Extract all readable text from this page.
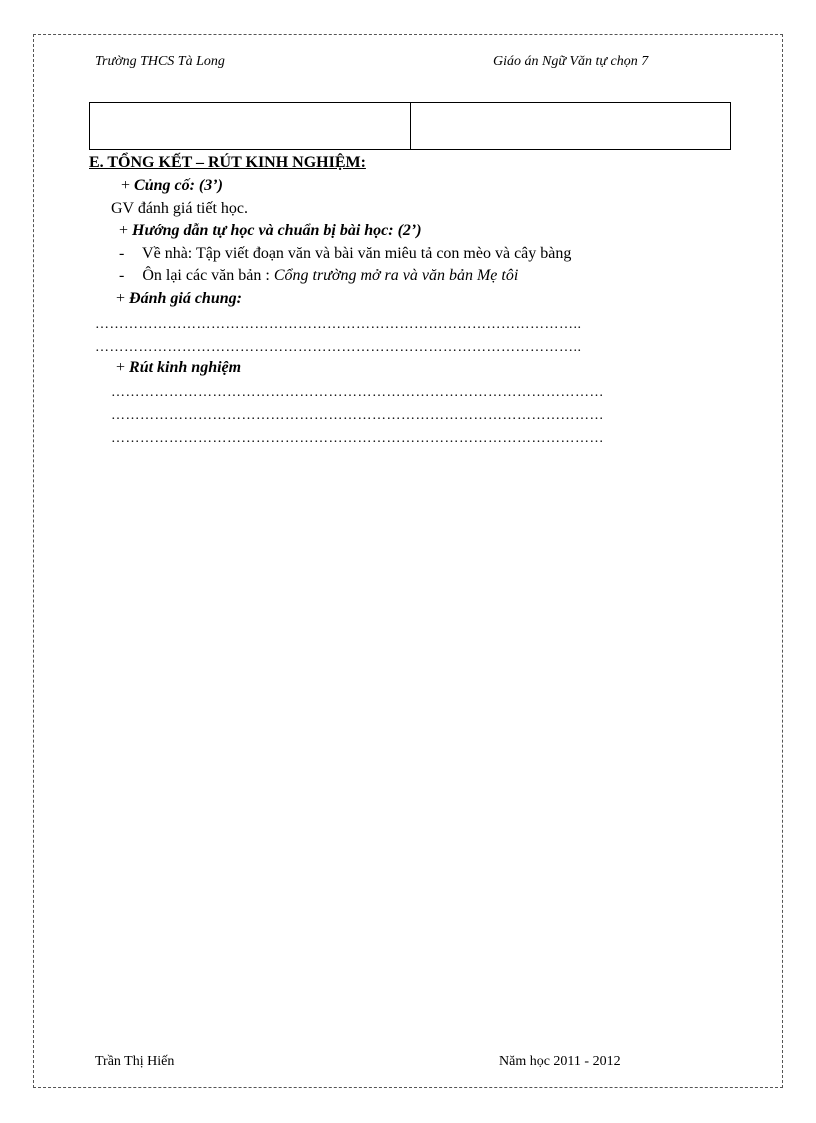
Trường THCS Tà Long	Giáo án Ngữ Văn tự chọn 7

E. TỔNG KẾT – RÚT KINH NGHIỆM:
+ Củng cố: (3’)
GV đánh giá tiết học.
+ Hướng dẫn tự học và chuẩn bị bài học: (2’)
- Về nhà: Tập viết đoạn văn và bài văn miêu tả con mèo và cây bàng
- Ôn lại các văn bản : Cổng trường mở ra và văn bản Mẹ tôi
+ Đánh giá chung:
………………………………………………………………………………………..
………………………………………………………………………………………..
+ Rút kinh nghiệm
…………………………………………………………………………………………
…………………………………………………………………………………………
…………………………………………………………………………………………
Trần Thị Hiến	Năm học 2011 - 2012
